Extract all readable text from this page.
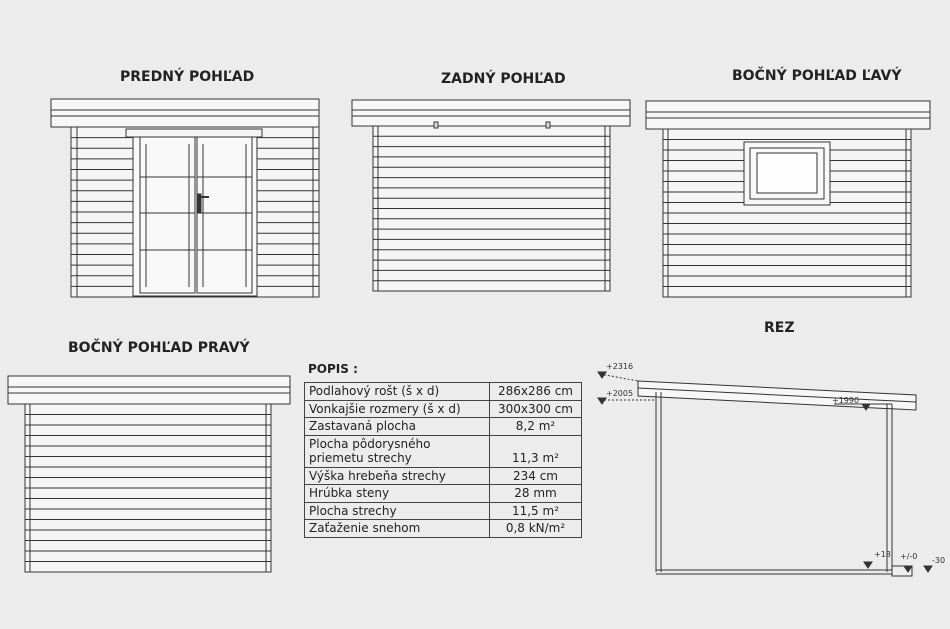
PREDNÝ POHĽAD	ZADNÝ POHĽAD	BOČNÝ POHĽAD ĽAVÝ
BOČNÝ POHĽAD PRAVÝ
REZ
+2316
+2005
+1990
+18 +/-0 -30
POPIS :
Podlahový rošt (š x d)	286x286 cm
Vonkajšie rozmery (š x d)	300x300 cm
Zastavaná plocha	8,2 m²
Plocha pôdorysného priemetu strechy	11,3 m²
Výška hrebeňa strechy	234 cm
Hrúbka steny	28 mm
Plocha strechy	11,5 m²
Zaťaženie snehom	0,8 kN/m²
